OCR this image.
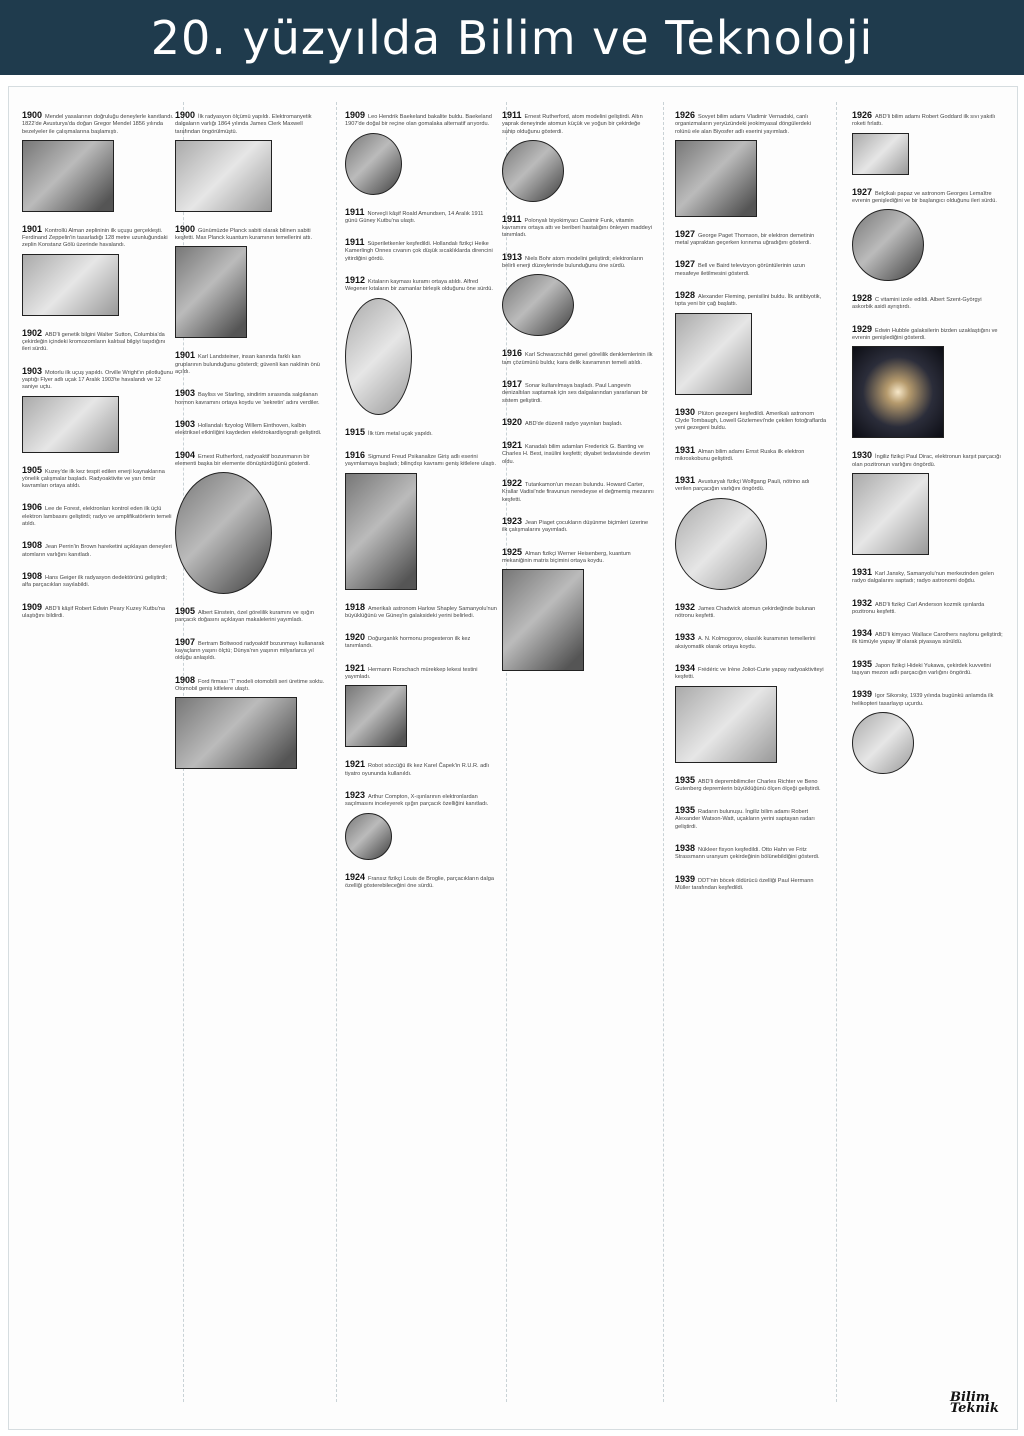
20. yüzyılda Bilim ve Teknoloji
1900 Mendel yasalarının doğruluğu deneylerle kanıtlandı. 1822'de Avusturya'da doğan Gregor Mendel 1856 yılında bezelyeler ile çalışmalarına başlamıştı.
1901 Kontrollü Alman zeplininin ilk uçuşu gerçekleşti. Ferdinand Zeppelin'in tasarladığı 128 metre uzunluğundaki zeplin Konstanz Gölü üzerinde havalandı.
1902 ABD'li genetik bilgini Walter Sutton, Columbia'da çekirdeğin içindeki kromozomların kalıtsal bilgiyi taşıdığını ileri sürdü.
1903 Motorlu ilk uçuş yapıldı. Orville Wright'ın pilotluğunu yaptığı Flyer adlı uçak 17 Aralık 1903'te havalandı ve 12 saniye uçtu.
1905 Kuzey'de ilk kez tespit edilen enerji kaynaklarına yönelik çalışmalar başladı. Radyoaktivite ve yarı ömür kavramları ortaya atıldı.
1906 Lee de Forest, elektronları kontrol eden ilk üçlü elektron lambasını geliştirdi; radyo ve amplifikatörlerin temeli atıldı.
1908 Jean Perrin'in Brown hareketini açıklayan deneyleri atomların varlığını kanıtladı.
1908 Hans Geiger ilk radyasyon dedektörünü geliştirdi; alfa parçacıkları sayılabildi.
1909 ABD'li kâşif Robert Edwin Peary Kuzey Kutbu'na ulaştığını bildirdi.
1900 İlk radyasyon ölçümü yapıldı. Elektromanyetik dalgaların varlığı 1864 yılında James Clerk Maxwell tarafından öngörülmüştü.
1900 Günümüzde Planck sabiti olarak bilinen sabiti keşfetti. Max Planck kuantum kuramının temellerini attı.
1901 Karl Landsteiner, insan kanında farklı kan gruplarının bulunduğunu gösterdi; güvenli kan naklinin önü açıldı.
1903 Bayliss ve Starling, sindirim sırasında salgılanan hormon kavramını ortaya koydu ve 'sekretin' adını verdiler.
1903 Hollandalı fizyolog Willem Einthoven, kalbin elektriksel etkinliğini kaydeden elektrokardiyografı geliştirdi.
1904 Ernest Rutherford, radyoaktif bozunmanın bir elementi başka bir elemente dönüştürdüğünü gösterdi.
1905 Albert Einstein, özel görelilik kuramını ve ışığın parçacık doğasını açıklayan makalelerini yayımladı.
1907 Bertram Boltwood radyoaktif bozunmayı kullanarak kayaçların yaşını ölçtü; Dünya'nın yaşının milyarlarca yıl olduğu anlaşıldı.
1908 Ford firması 'T' modeli otomobili seri üretime soktu. Otomobil geniş kitlelere ulaştı.
1909 Leo Hendrik Baekeland bakalite buldu. Baekeland 1907'de doğal bir reçine olan gomalaka alternatif arıyordu.
1911 Norveçli kâşif Roald Amundsen, 14 Aralık 1911 günü Güney Kutbu'na ulaştı.
1911 Süperiletkenler keşfedildi. Hollandalı fizikçi Heike Kamerlingh Onnes cıvanın çok düşük sıcaklıklarda direncini yitirdiğini gördü.
1912 Kıtaların kayması kuramı ortaya atıldı. Alfred Wegener kıtaların bir zamanlar birleşik olduğunu öne sürdü.
1915 İlk tüm metal uçak yapıldı.
1916 Sigmund Freud Psikanalize Giriş adlı eserini yayımlamaya başladı; bilinçdışı kavramı geniş kitlelere ulaştı.
1918 Amerikalı astronom Harlow Shapley Samanyolu'nun büyüklüğünü ve Güneş'in galaksideki yerini belirledi.
1920 Doğurganlık hormonu progesteron ilk kez tanımlandı.
1921 Hermann Rorschach mürekkep lekesi testini yayımladı.
1921 Robot sözcüğü ilk kez Karel Čapek'in R.U.R. adlı tiyatro oyununda kullanıldı.
1923 Arthur Compton, X-ışınlarının elektronlardan saçılmasını inceleyerek ışığın parçacık özelliğini kanıtladı.
1924 Fransız fizikçi Louis de Broglie, parçacıkların dalga özelliği gösterebileceğini öne sürdü.
1911 Ernest Rutherford, atom modelini geliştirdi. Altın yaprak deneyinde atomun küçük ve yoğun bir çekirdeğe sahip olduğunu gösterdi.
1911 Polonyalı biyokimyacı Casimir Funk, vitamin kavramını ortaya attı ve beriberi hastalığını önleyen maddeyi tanımladı.
1913 Niels Bohr atom modelini geliştirdi; elektronların belirli enerji düzeylerinde bulunduğunu öne sürdü.
1916 Karl Schwarzschild genel görelilik denklemlerinin ilk tam çözümünü buldu; kara delik kavramının temeli atıldı.
1917 Sonar kullanılmaya başladı. Paul Langevin denizaltıları saptamak için ses dalgalarından yararlanan bir sistem geliştirdi.
1920 ABD'de düzenli radyo yayınları başladı.
1921 Kanadalı bilim adamları Frederick G. Banting ve Charles H. Best, insülini keşfetti; diyabet tedavisinde devrim oldu.
1922 Tutankamon'un mezarı bulundu. Howard Carter, Krallar Vadisi'nde firavunun neredeyse el değmemiş mezarını keşfetti.
1923 Jean Piaget çocukların düşünme biçimleri üzerine ilk çalışmalarını yayımladı.
1925 Alman fizikçi Werner Heisenberg, kuantum mekaniğinin matris biçimini ortaya koydu.
1926 Sovyet bilim adamı Vladimir Vernadski, canlı organizmaların yeryüzündeki jeokimyasal döngülerdeki rolünü ele alan Biyosfer adlı eserini yayımladı.
1927 George Paget Thomson, bir elektron demetinin metal yapraktan geçerken kırınıma uğradığını gösterdi.
1927 Bell ve Baird televizyon görüntülerinin uzun mesafeye iletilmesini gösterdi.
1928 Alexander Fleming, penisilini buldu. İlk antibiyotik, tıpta yeni bir çağ başlattı.
1930 Plüton gezegeni keşfedildi. Amerikalı astronom Clyde Tombaugh, Lowell Gözlemevi'nde çekilen fotoğraflarda yeni gezegeni buldu.
1931 Alman bilim adamı Ernst Ruska ilk elektron mikroskobunu geliştirdi.
1931 Avusturyalı fizikçi Wolfgang Pauli, nötrino adı verilen parçacığın varlığını öngördü.
1932 James Chadwick atomun çekirdeğinde bulunan nötronu keşfetti.
1933 A. N. Kolmogorov, olasılık kuramının temellerini aksiyomatik olarak ortaya koydu.
1934 Frédéric ve Irène Joliot-Curie yapay radyoaktiviteyi keşfetti.
1935 ABD'li deprembilimciler Charles Richter ve Beno Gutenberg depremlerin büyüklüğünü ölçen ölçeği geliştirdi.
1935 Radarın bulunuşu. İngiliz bilim adamı Robert Alexander Watson-Watt, uçakların yerini saptayan radarı geliştirdi.
1938 Nükleer fisyon keşfedildi. Otto Hahn ve Fritz Strassmann uranyum çekirdeğinin bölünebildiğini gösterdi.
1939 DDT'nin böcek öldürücü özelliği Paul Hermann Müller tarafından keşfedildi.
1926 ABD'li bilim adamı Robert Goddard ilk sıvı yakıtlı roketi fırlattı.
1927 Belçikalı papaz ve astronom Georges Lemaître evrenin genişlediğini ve bir başlangıcı olduğunu ileri sürdü.
1928 C vitamini izole edildi. Albert Szent-Györgyi askorbik asidi ayrıştırdı.
1929 Edwin Hubble galaksilerin bizden uzaklaştığını ve evrenin genişlediğini gösterdi.
1930 İngiliz fizikçi Paul Dirac, elektronun karşıt parçacığı olan pozitronun varlığını öngördü.
1931 Karl Jansky, Samanyolu'nun merkezinden gelen radyo dalgalarını saptadı; radyo astronomi doğdu.
1932 ABD'li fizikçi Carl Anderson kozmik ışınlarda pozitronu keşfetti.
1934 ABD'li kimyacı Wallace Carothers naylonu geliştirdi; ilk tümüyle yapay lif olarak piyasaya sürüldü.
1935 Japon fizikçi Hideki Yukawa, çekirdek kuvvetini taşıyan mezon adlı parçacığın varlığını öngördü.
1939 Igor Sikorsky, 1939 yılında bugünkü anlamda ilk helikopteri tasarlayıp uçurdu.
Bilim Teknik
